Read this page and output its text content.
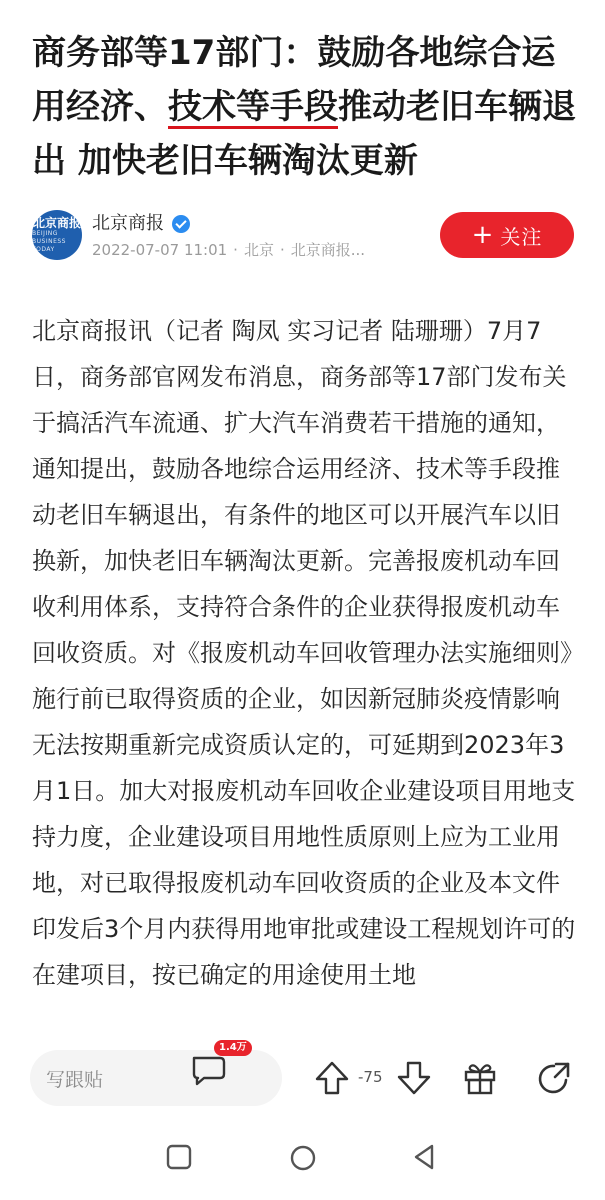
商务部等17部门：鼓励各地综合运用经济、技术等手段推动老旧车辆退出 加快老旧车辆淘汰更新
北京商报
BEIJING BUSINESS TODAY
北京商报
2022-07-07 11:01 · 北京 · 北京商报...	+ 关注
北京商报讯（记者 陶凤 实习记者 陆珊珊）7月7日，商务部官网发布消息，商务部等17部门发布关于搞活汽车流通、扩大汽车消费若干措施的通知，通知提出，鼓励各地综合运用经济、技术等手段推动老旧车辆退出，有条件的地区可以开展汽车以旧换新，加快老旧车辆淘汰更新。完善报废机动车回收利用体系，支持符合条件的企业获得报废机动车回收资质。对《报废机动车回收管理办法实施细则》施行前已取得资质的企业，如因新冠肺炎疫情影响无法按期重新完成资质认定的，可延期到2023年3月1日。加大对报废机动车回收企业建设项目用地支持力度，企业建设项目用地性质原则上应为工业用地，对已取得报废机动车回收资质的企业及本文件印发后3个月内获得用地审批或建设工程规划许可的在建项目，按已确定的用途使用土地
写跟贴
1.4万
-75
